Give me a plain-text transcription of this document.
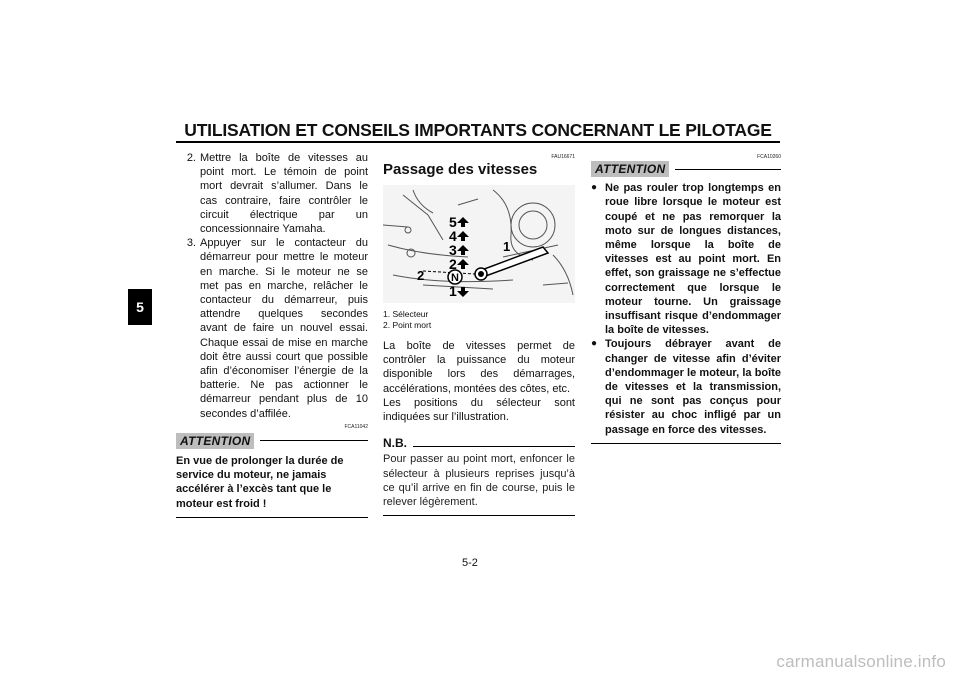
UTILISATION ET CONSEILS IMPORTANTS CONCERNANT LE PILOTAGE
5
2. Mettre la boîte de vitesses au point mort. Le témoin de point mort devrait s’allumer. Dans le cas contraire, faire contrôler le circuit électrique par un concessionnaire Yamaha.
3. Appuyer sur le contacteur du démarreur pour mettre le moteur en marche. Si le moteur ne se met pas en marche, relâcher le contacteur du démarreur, puis attendre quelques secondes avant de faire un nouvel essai. Chaque essai de mise en marche doit être aussi court que possible afin d’économiser l’énergie de la batterie. Ne pas actionner le démarreur pendant plus de 10 secondes d’affilée.
FCA11042
ATTENTION
En vue de prolonger la durée de service du moteur, ne jamais accélérer à l’excès tant que le moteur est froid !
FAU16671
Passage des vitesses
5
4
3
2
N
1
1
2
1. Sélecteur
2. Point mort
La boîte de vitesses permet de contrôler la puissance du moteur disponible lors des démarrages, accélérations, montées des côtes, etc.
Les positions du sélecteur sont indiquées sur l’illustration.
N.B.
Pour passer au point mort, enfoncer le sélecteur à plusieurs reprises jusqu’à ce qu’il arrive en fin de course, puis le relever légèrement.
ATTENTION
● Ne pas rouler trop longtemps en roue libre lorsque le moteur est coupé et ne pas remorquer la moto sur de longues distances, même lorsque la boîte de vitesses est au point mort. En effet, son graissage ne s’effectue correctement que lorsque le moteur tourne. Un graissage insuffisant risque d’endommager la boîte de vitesses.
● Toujours débrayer avant de changer de vitesse afin d’éviter d’endommager le moteur, la boîte de vitesses et la transmission, qui ne sont pas conçus pour résister au choc infligé par un passage en force des vitesses.
FCA10260
5-2
carmanualsonline.info
